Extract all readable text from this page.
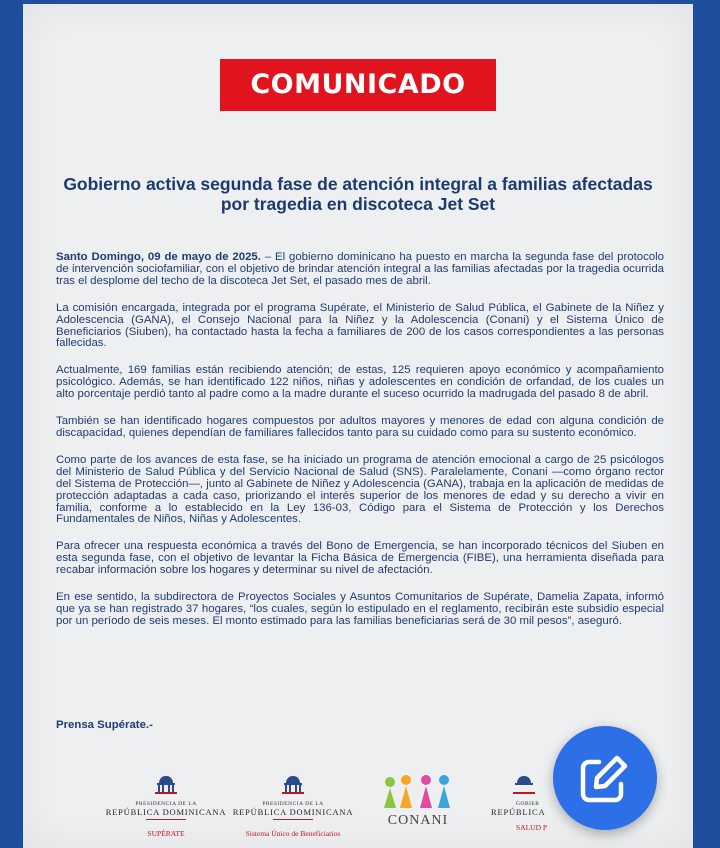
COMUNICADO
Gobierno activa segunda fase de atención integral a familias afectadas por tragedia en discoteca Jet Set

Santo Domingo, 09 de mayo de 2025. – El gobierno dominicano ha puesto en marcha la segunda fase del protocolo de intervención sociofamiliar, con el objetivo de brindar atención integral a las familias afectadas por la tragedia ocurrida tras el desplome del techo de la discoteca Jet Set, el pasado mes de abril.

La comisión encargada, integrada por el programa Supérate, el Ministerio de Salud Pública, el Gabinete de la Niñez y Adolescencia (GANA), el Consejo Nacional para la Niñez y la Adolescencia (Conani) y el Sistema Único de Beneficiarios (Siuben), ha contactado hasta la fecha a familiares de 200 de los casos correspondientes a las personas fallecidas.

Actualmente, 169 familias están recibiendo atención; de estas, 125 requieren apoyo económico y acompañamiento psicológico. Además, se han identificado 122 niños, niñas y adolescentes en condición de orfandad, de los cuales un alto porcentaje perdió tanto al padre como a la madre durante el suceso ocurrido la madrugada del pasado 8 de abril.

También se han identificado hogares compuestos por adultos mayores y menores de edad con alguna condición de discapacidad, quienes dependían de familiares fallecidos tanto para su cuidado como para su sustento económico.

Como parte de los avances de esta fase, se ha iniciado un programa de atención emocional a cargo de 25 psicólogos del Ministerio de Salud Pública y del Servicio Nacional de Salud (SNS). Paralelamente, Conani —como órgano rector del Sistema de Protección—, junto al Gabinete de Niñez y Adolescencia (GANA), trabaja en la aplicación de medidas de protección adaptadas a cada caso, priorizando el interés superior de los menores de edad y su derecho a vivir en familia, conforme a lo establecido en la Ley 136-03, Código para el Sistema de Protección y los Derechos Fundamentales de Niños, Niñas y Adolescentes.

Para ofrecer una respuesta económica a través del Bono de Emergencia, se han incorporado técnicos del Siuben en esta segunda fase, con el objetivo de levantar la Ficha Básica de Emergencia (FIBE), una herramienta diseñada para recabar información sobre los hogares y determinar su nivel de afectación.

En ese sentido, la subdirectora de Proyectos Sociales y Asuntos Comunitarios de Supérate, Damelia Zapata, informó que ya se han registrado 37 hogares, “los cuales, según lo estipulado en el reglamento, recibirán este subsidio especial por un período de seis meses. El monto estimado para las familias beneficiarias será de 30 mil pesos”, aseguró.

Prensa Supérate.-
PRESIDENCIA DE LA
REPÚBLICA DOMINICANA
SUPÉRATE
PRESIDENCIA DE LA
REPÚBLICA DOMINICANA
Sistema Único de Beneficiarios
CONANI
GOBIER
REPÚBLICA
SALUD P
